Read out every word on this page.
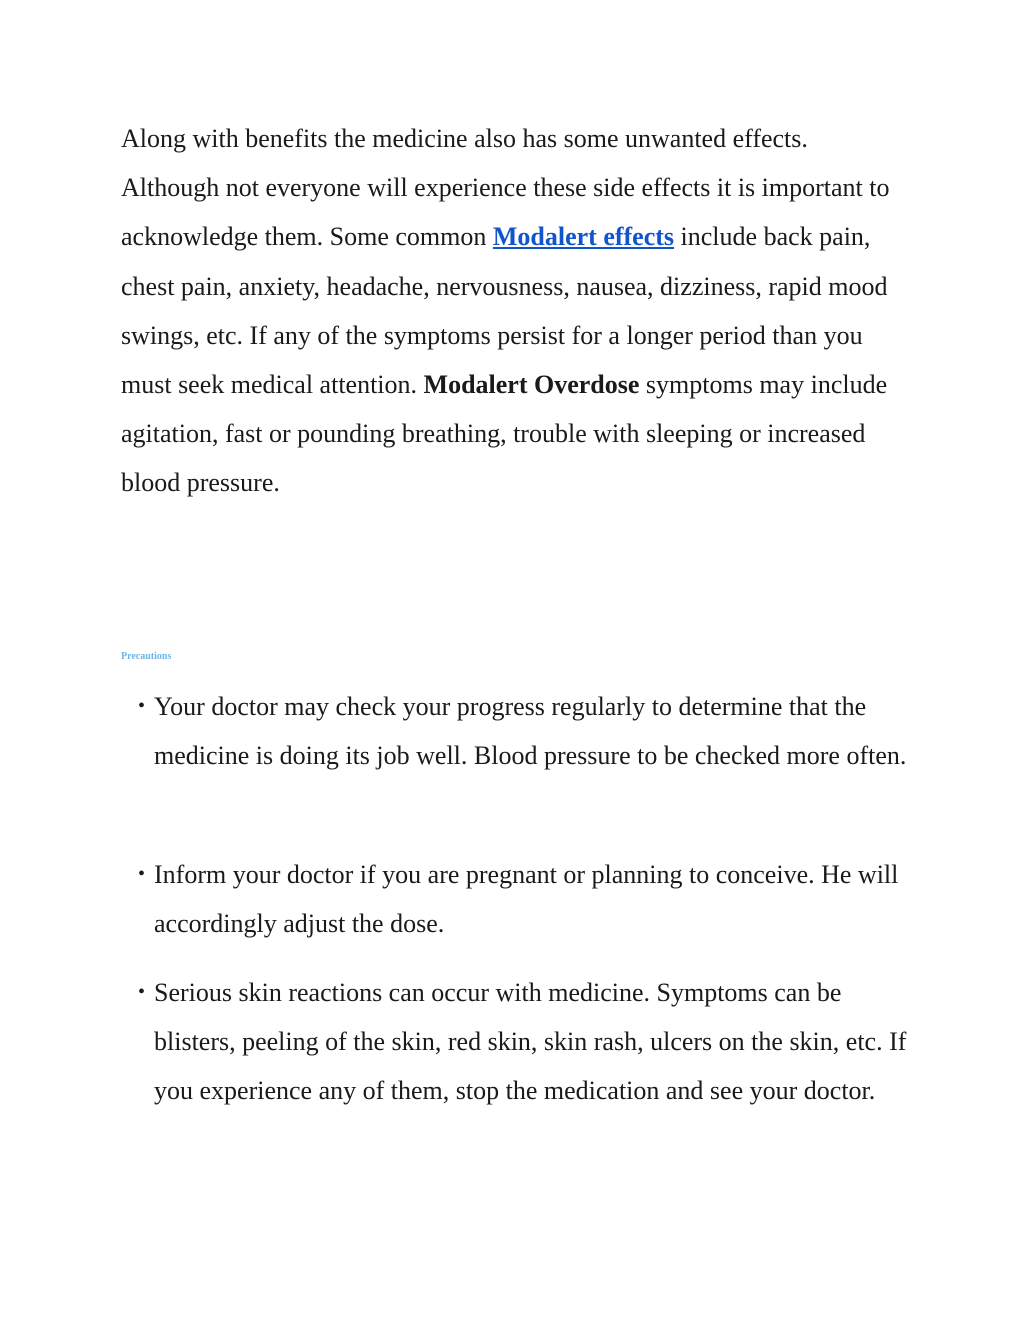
Along with benefits the medicine also has some unwanted effects. Although not everyone will experience these side effects it is important to acknowledge them. Some common Modalert effects include back pain, chest pain, anxiety, headache, nervousness, nausea, dizziness, rapid mood swings, etc. If any of the symptoms persist for a longer period than you must seek medical attention. Modalert Overdose symptoms may include agitation, fast or pounding breathing, trouble with sleeping or increased blood pressure.

Precautions
• Your doctor may check your progress regularly to determine that the medicine is doing its job well. Blood pressure to be checked more often.
• Inform your doctor if you are pregnant or planning to conceive. He will accordingly adjust the dose.
• Serious skin reactions can occur with medicine. Symptoms can be blisters, peeling of the skin, red skin, skin rash, ulcers on the skin, etc. If you experience any of them, stop the medication and see your doctor.
